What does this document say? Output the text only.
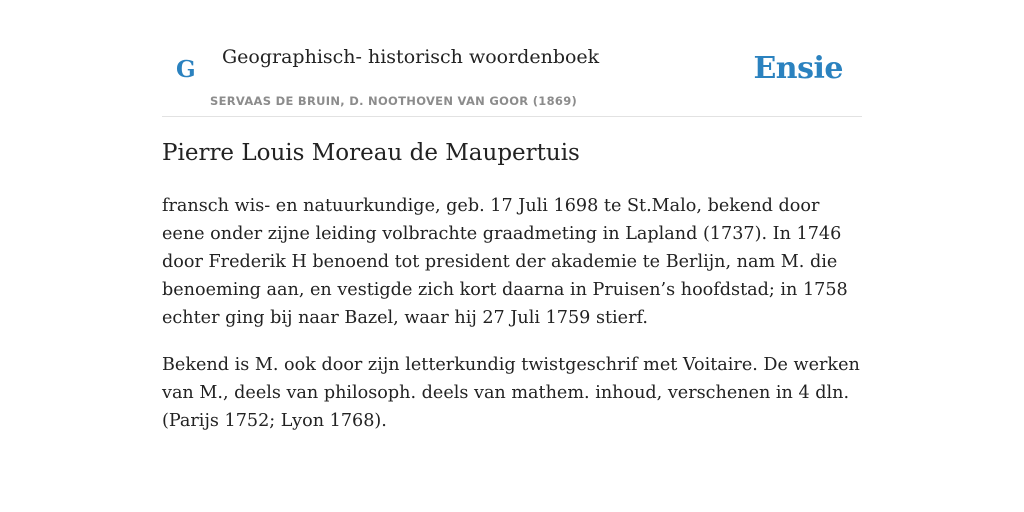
G Geographisch- historisch woordenboek
SERVAAS DE BRUIN, D. NOOTHOVEN VAN GOOR (1869)
Ensie
Pierre Louis Moreau de Maupertuis

fransch wis- en natuurkundige, geb. 17 Juli 1698 te St.Malo, bekend door eene onder zijne leiding volbrachte graadmeting in Lapland (1737). In 1746 door Frederik H benoend tot president der akademie te Berlijn, nam M. die benoeming aan, en vestigde zich kort daarna in Pruisen’s hoofdstad; in 1758 echter ging bij naar Bazel, waar hij 27 Juli 1759 stierf.

Bekend is M. ook door zijn letterkundig twistgeschrif met Voitaire. De werken van M., deels van philosoph. deels van mathem. inhoud, verschenen in 4 dln. (Parijs 1752; Lyon 1768).
